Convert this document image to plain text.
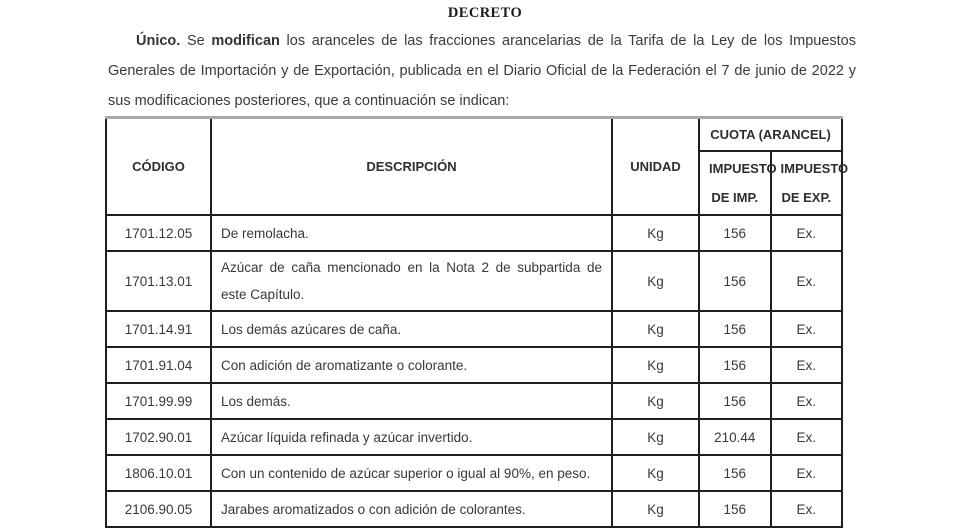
DECRETO

Único. Se modifican los aranceles de las fracciones arancelarias de la Tarifa de la Ley de los Impuestos Generales de Importación y de Exportación, publicada en el Diario Oficial de la Federación el 7 de junio de 2022 y sus modificaciones posteriores, que a continuación se indican:

CÓDIGO	DESCRIPCIÓN	UNIDAD	CUOTA (ARANCEL)	
			IMPUESTO DE IMP.	IMPUESTO DE EXP.
1701.12.05	De remolacha.	Kg	156	Ex.
1701.13.01	Azúcar de caña mencionado en la Nota 2 de subpartida de este Capítulo.	Kg	156	Ex.
1701.14.91	Los demás azúcares de caña.	Kg	156	Ex.
1701.91.04	Con adición de aromatizante o colorante.	Kg	156	Ex.
1701.99.99	Los demás.	Kg	156	Ex.
1702.90.01	Azúcar líquida refinada y azúcar invertido.	Kg	210.44	Ex.
1806.10.01	Con un contenido de azúcar superior o igual al 90%, en peso.	Kg	156	Ex.
2106.90.05	Jarabes aromatizados o con adición de colorantes.	Kg	156	Ex.
